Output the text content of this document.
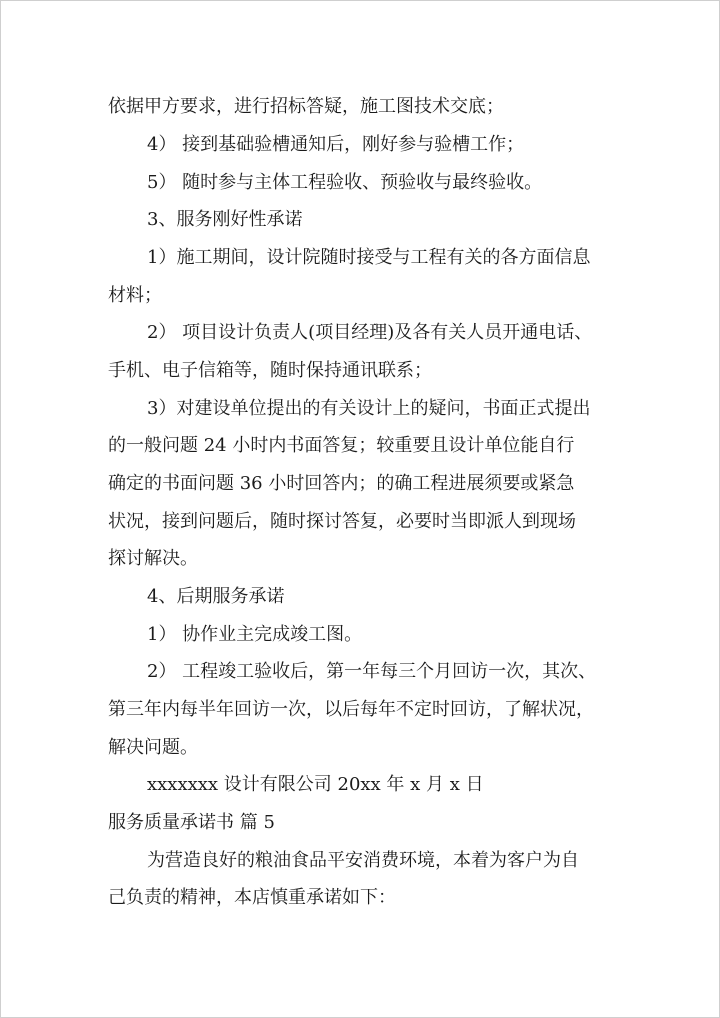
依据甲方要求，进行招标答疑，施工图技术交底；
4） 接到基础验槽通知后，刚好参与验槽工作；
5） 随时参与主体工程验收、预验收与最终验收。
3、服务刚好性承诺
1）施工期间，设计院随时接受与工程有关的各方面信息
材料；
2） 项目设计负责人(项目经理)及各有关人员开通电话、
手机、电子信箱等，随时保持通讯联系；
3）对建设单位提出的有关设计上的疑问，书面正式提出
的一般问题 24 小时内书面答复；较重要且设计单位能自行
确定的书面问题 36 小时回答内；的确工程进展须要或紧急
状况，接到问题后，随时探讨答复，必要时当即派人到现场
探讨解决。
4、后期服务承诺
1） 协作业主完成竣工图。
2） 工程竣工验收后，第一年每三个月回访一次，其次、
第三年内每半年回访一次，以后每年不定时回访，了解状况，
解决问题。
xxxxxxx 设计有限公司 20xx 年 x 月 x 日
服务质量承诺书 篇 5
为营造良好的粮油食品平安消费环境，本着为客户为自
己负责的精神，本店慎重承诺如下：
